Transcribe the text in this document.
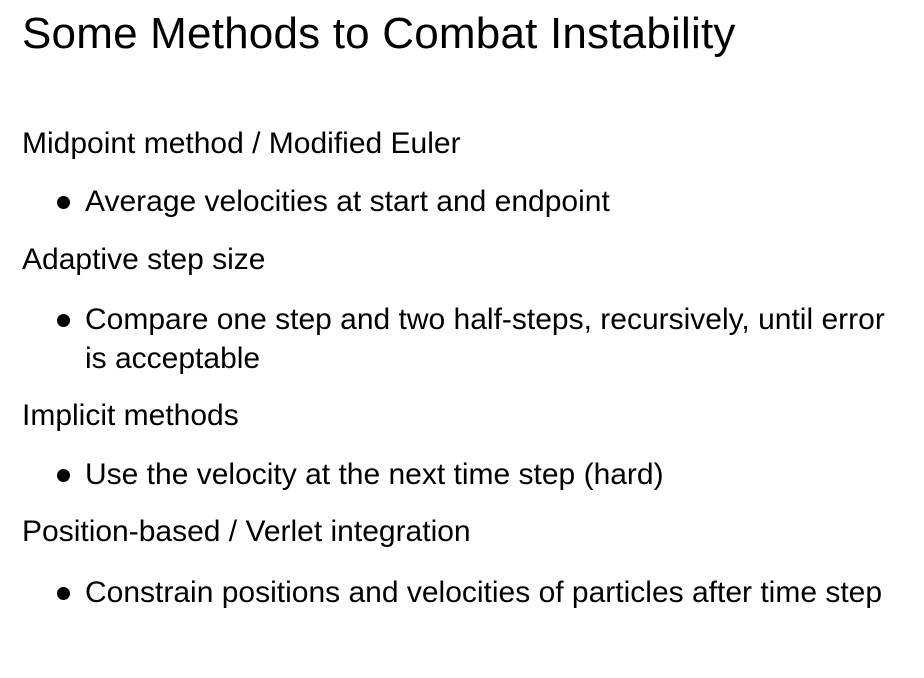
Some Methods to Combat Instability
Midpoint method / Modified Euler

Average velocities at start and endpoint

Adaptive step size

Compare one step and two half-steps, recursively, until error is acceptable

Implicit methods

Use the velocity at the next time step (hard)

Position-based / Verlet integration

Constrain positions and velocities of particles after time step
